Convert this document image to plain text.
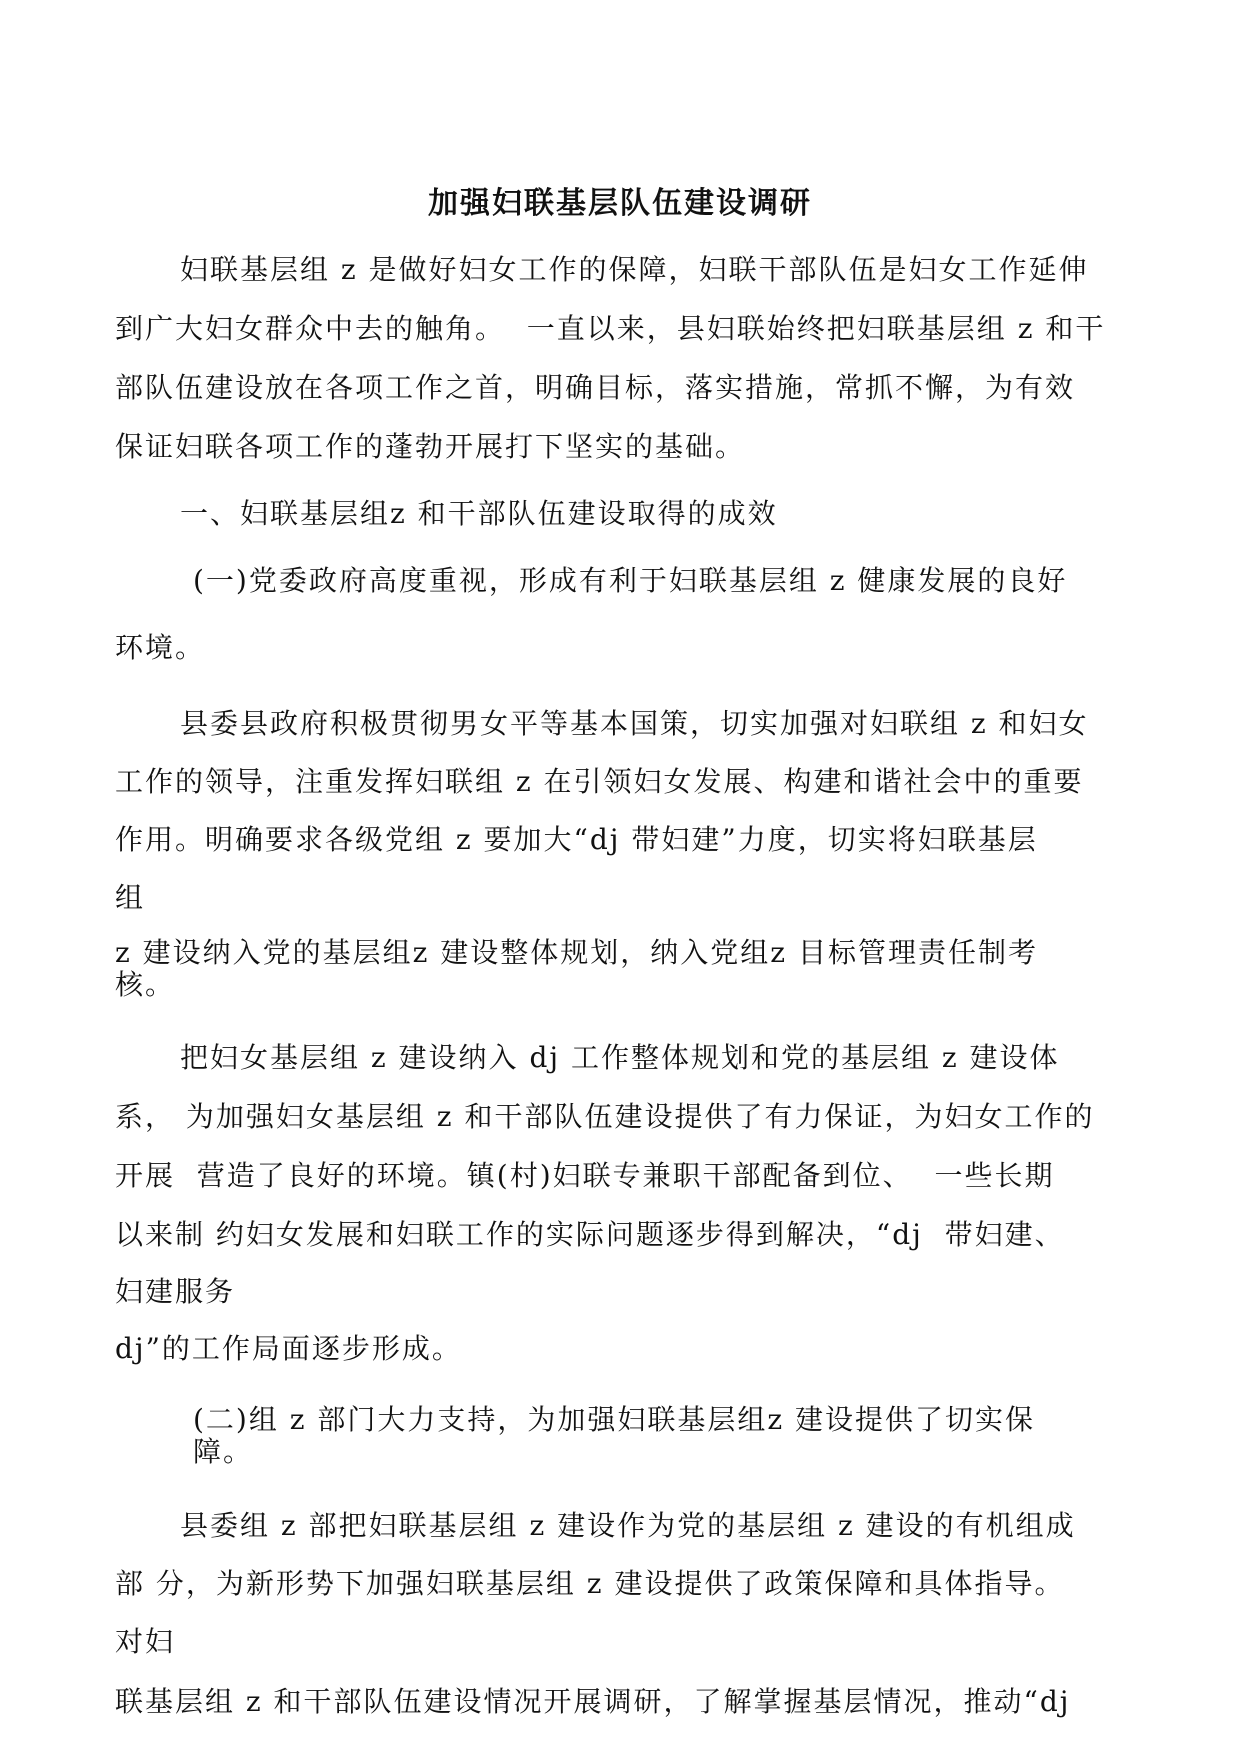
加强妇联基层队伍建设调研
妇联基层组 z 是做好妇女工作的保障，妇联干部队伍是妇女工作延伸
到广大妇女群众中去的触角。  一直以来，县妇联始终把妇联基层组 z 和干
部队伍建设放在各项工作之首，明确目标，落实措施，常抓不懈，为有效
保证妇联各项工作的蓬勃开展打下坚实的基础。
一、妇联基层组z 和干部队伍建设取得的成效
(一)党委政府高度重视，形成有利于妇联基层组 z 健康发展的良好
环境。
县委县政府积极贯彻男女平等基本国策，切实加强对妇联组 z 和妇女
工作的领导，注重发挥妇联组 z 在引领妇女发展、构建和谐社会中的重要
作用。明确要求各级党组 z 要加大“dj 带妇建”力度，切实将妇联基层
组
z 建设纳入党的基层组z 建设整体规划，纳入党组z 目标管理责任制考
核。
把妇女基层组 z 建设纳入 dj 工作整体规划和党的基层组 z 建设体
系， 为加强妇女基层组 z 和干部队伍建设提供了有力保证，为妇女工作的
开展  营造了良好的环境。镇(村)妇联专兼职干部配备到位、  一些长期
以来制 约妇女发展和妇联工作的实际问题逐步得到解决，“dj  带妇建、
妇建服务
dj”的工作局面逐步形成。
(二)组 z 部门大力支持，为加强妇联基层组z 建设提供了切实保
障。
县委组 z 部把妇联基层组 z 建设作为党的基层组 z 建设的有机组成
部 分，为新形势下加强妇联基层组 z 建设提供了政策保障和具体指导。
对妇
联基层组 z 和干部队伍建设情况开展调研，了解掌握基层情况，推动“dj
